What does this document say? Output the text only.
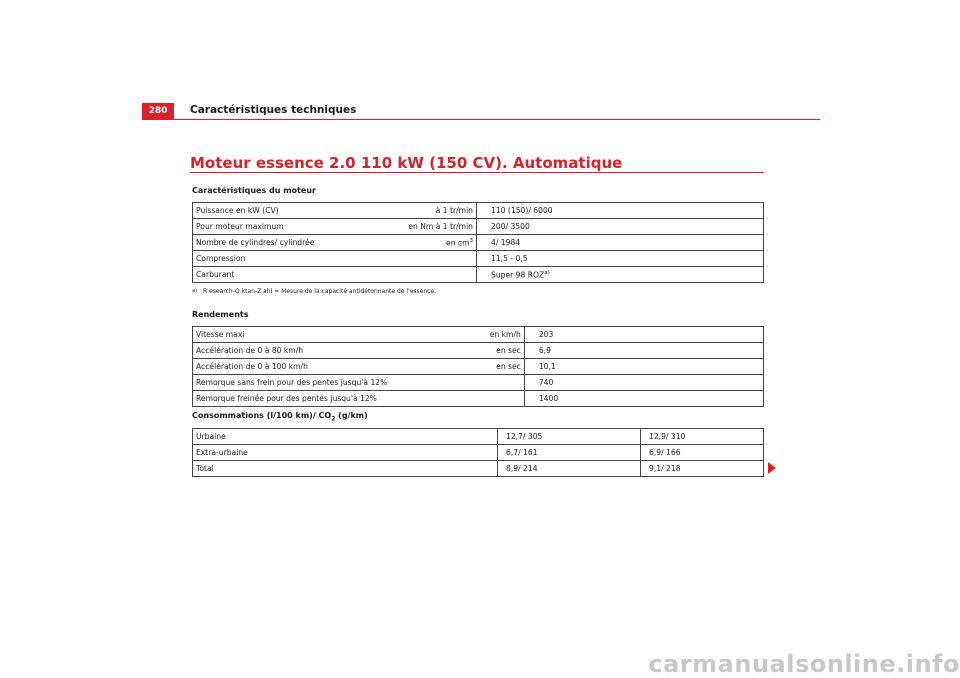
280	Caractéristiques techniques
Moteur essence 2.0 110 kW (150 CV). Automatique
Caractéristiques du moteur
Puissance en kW (CV)	à 1 tr/min	110 (150)/ 6000
Pour moteur maximum	en Nm à 1 tr/min	200/ 3500
Nombre de cylindres/ cylindrée	en $cm^3$	4/ 1984
Compression		11,5 - 0,5
Carburant		Super 98 ROZ$^{a)}$
$^{a)}$ R esearch-O ktan-Z ahl = Mesure de la capacité antidétonnante de l'essence.
Rendements
Vitesse maxi	en km/h	203
Accélération de 0 à 80 km/h	en sec	6,9
Accélération de 0 à 100 km/h	en sec	10,1
Remorque sans frein pour des pentes jusqu'à 12%		740
Remorque freinée pour des pentes jusqu'à 12%		1400
Consommations (l/100 km)/ $CO_2$ (g/km)
Urbaine	12,7/ 305	12,9/ 310
Extra-urbaine	6,7/ 161	6,9/ 166
Total	8,9/ 214	9,1/ 218
carmanualsonline.info
